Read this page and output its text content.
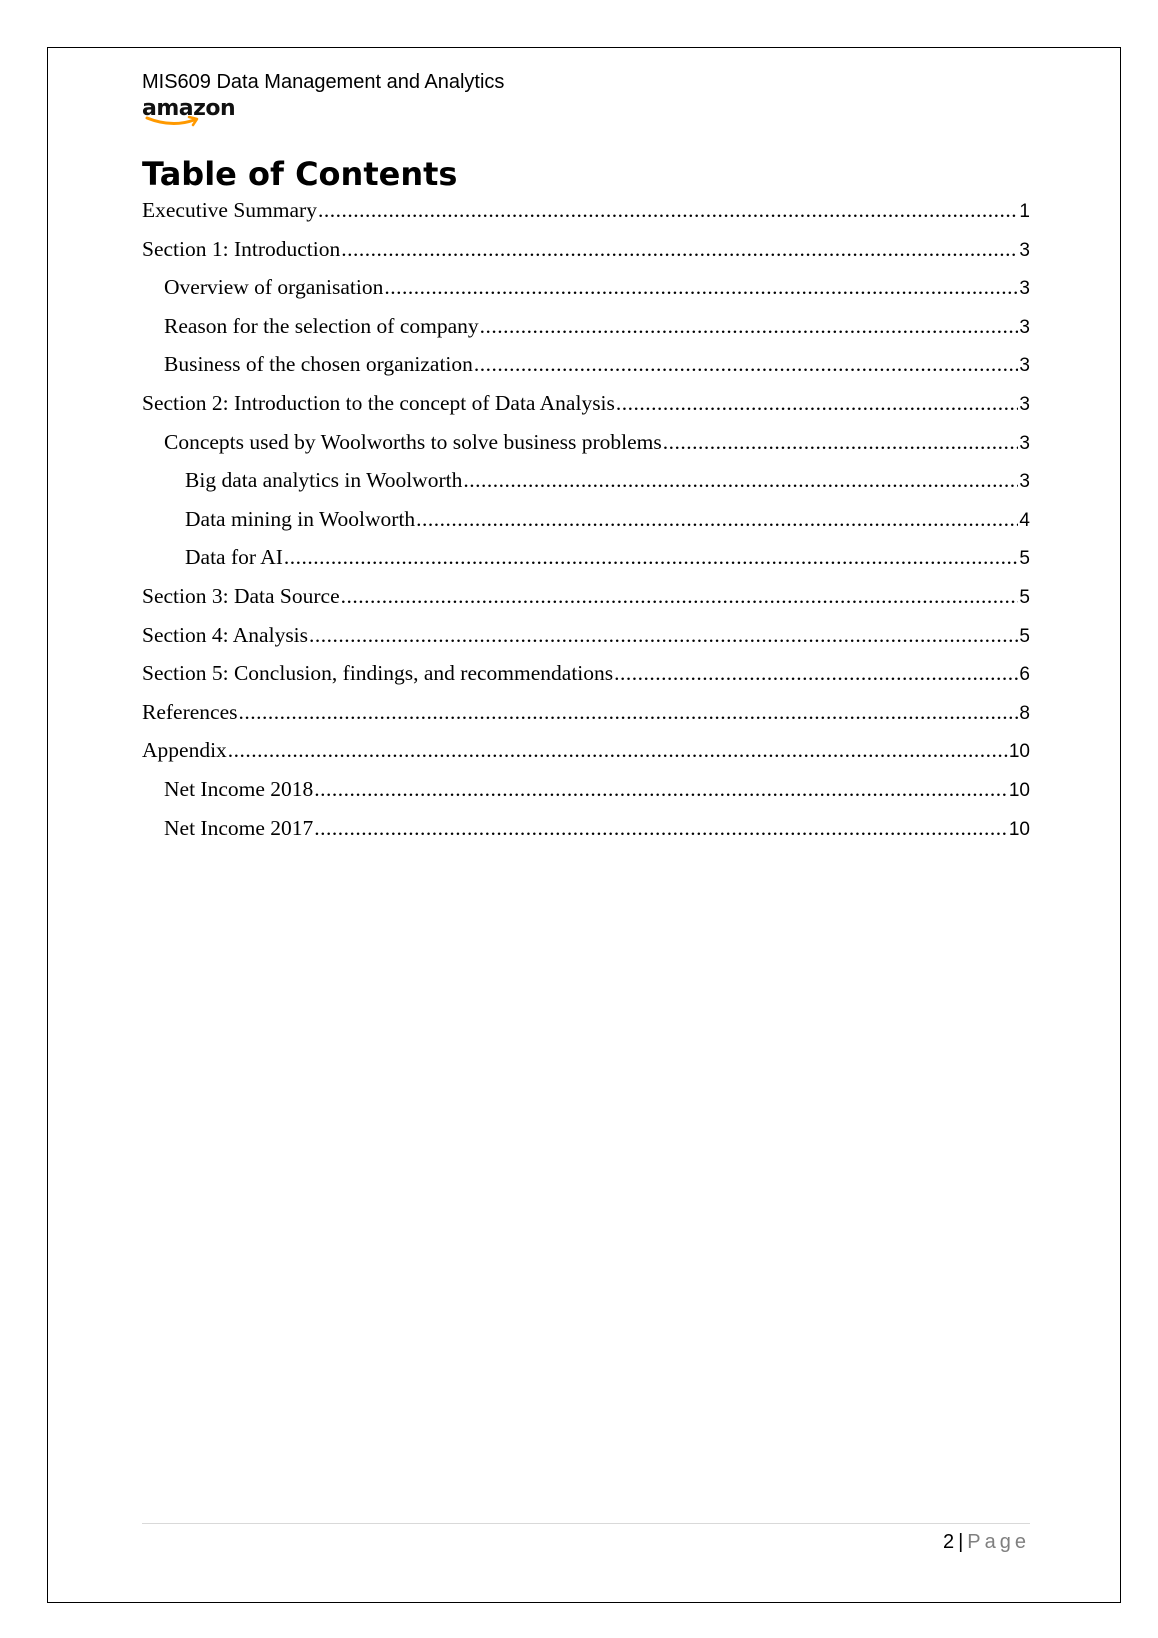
MIS609 Data Management and Analytics
amazon
Table of Contents
Executive Summary .....	1
Section 1: Introduction .....	3
Overview of organisation .....	3
Reason for the selection of company .....	3
Business of the chosen organization .....	3
Section 2: Introduction to the concept of Data Analysis .....	3
Concepts used by Woolworths to solve business problems .....	3
Big data analytics in Woolworth .....	3
Data mining in Woolworth .....	4
Data for AI .....	5
Section 3: Data Source .....	5
Section 4: Analysis .....	5
Section 5: Conclusion, findings, and recommendations .....	6
References .....	8
Appendix .....	10
Net Income 2018 .....	10
Net Income 2017 .....	10
2 | Page
